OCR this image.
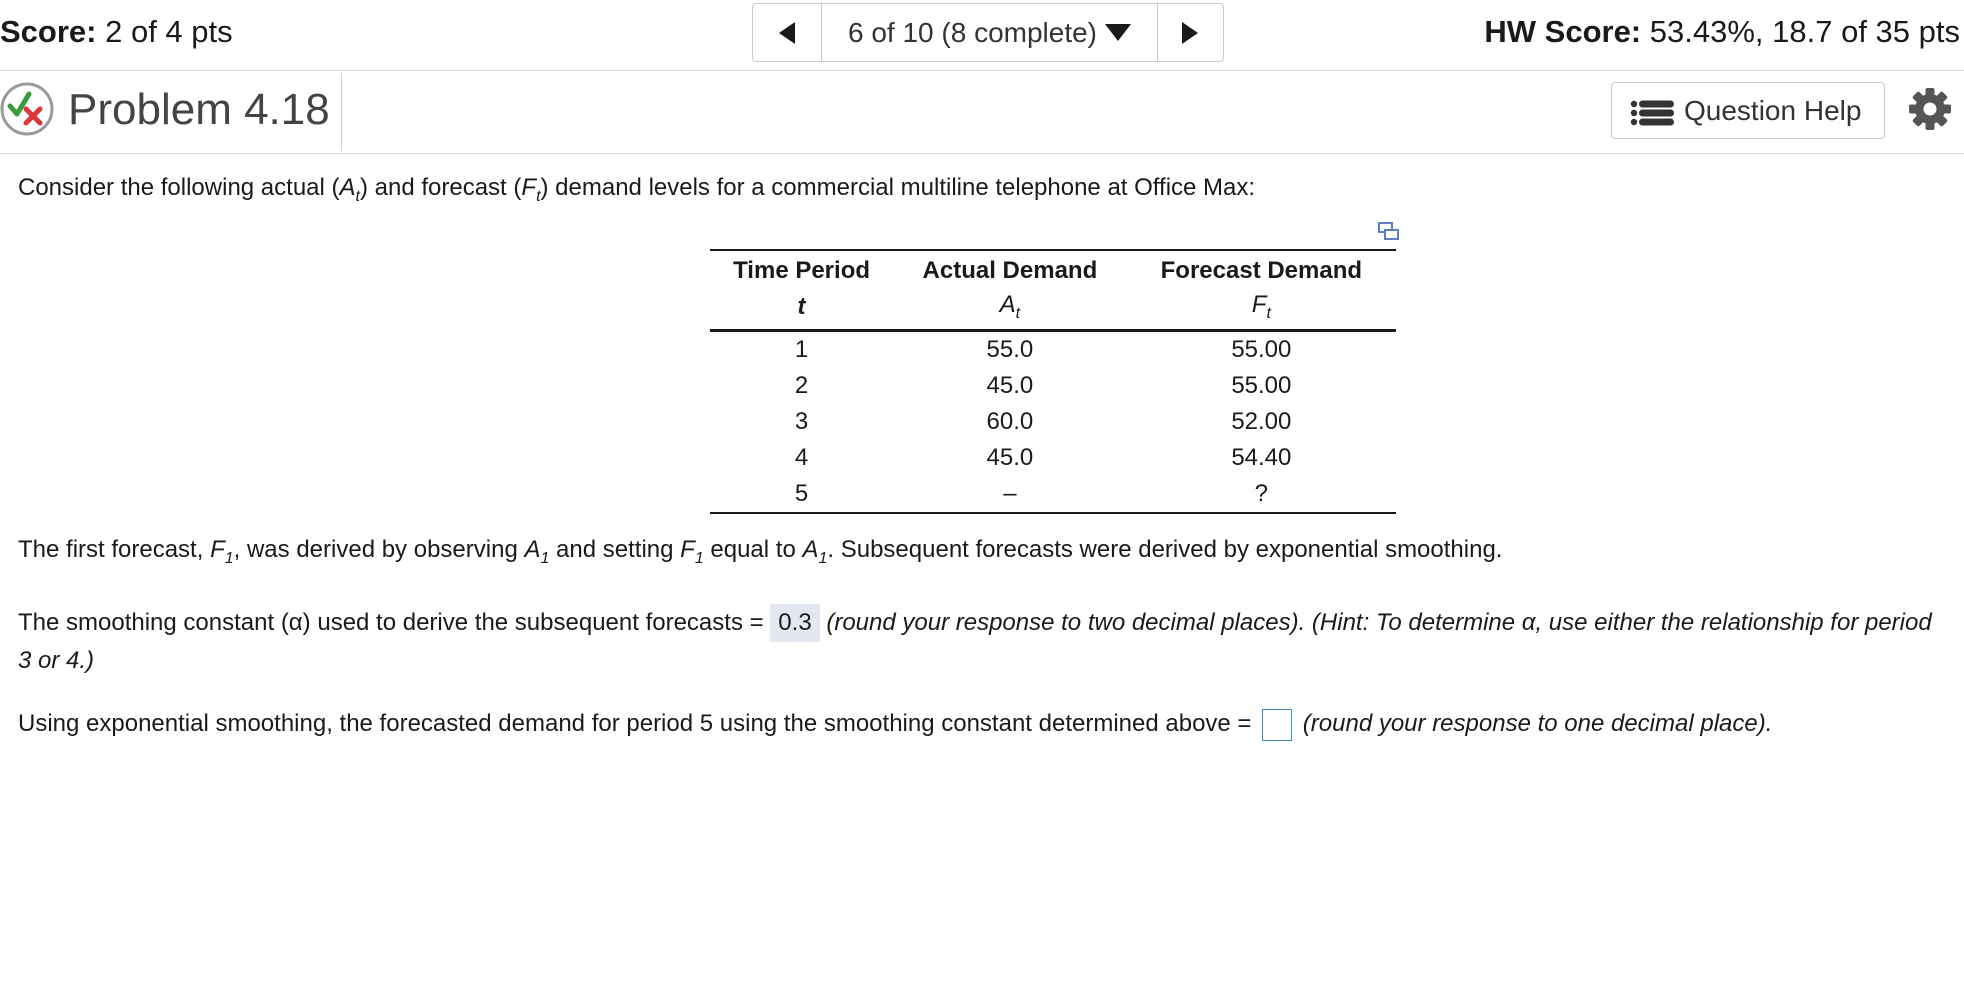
Score: 2 of 4 pts	6 of 10 (8 complete)	HW Score: 53.43%, 18.7 of 35 pts
Problem 4.18	Question Help
Consider the following actual $(A_t)$ and forecast $(F_t)$ demand levels for a commercial multiline telephone at Office Max:
The first forecast, $F_1$, was derived by observing $A_1$ and setting $F_1$ equal to $A_1$. Subsequent forecasts were derived by exponential smoothing.
The smoothing constant (α) used to derive the subsequent forecasts = 0.3 (round your response to two decimal places). (Hint: To determine α, use either the relationship for period 3 or 4.)
Using exponential smoothing, the forecasted demand for period 5 using the smoothing constant determined above =  (round your response to one decimal place).
Time Period	Actual Demand	Forecast Demand
t	$A_t$	$F_t$
1	55.0	55.00
2	45.0	55.00
3	60.0	52.00
4	45.0	54.40
5	–	?
